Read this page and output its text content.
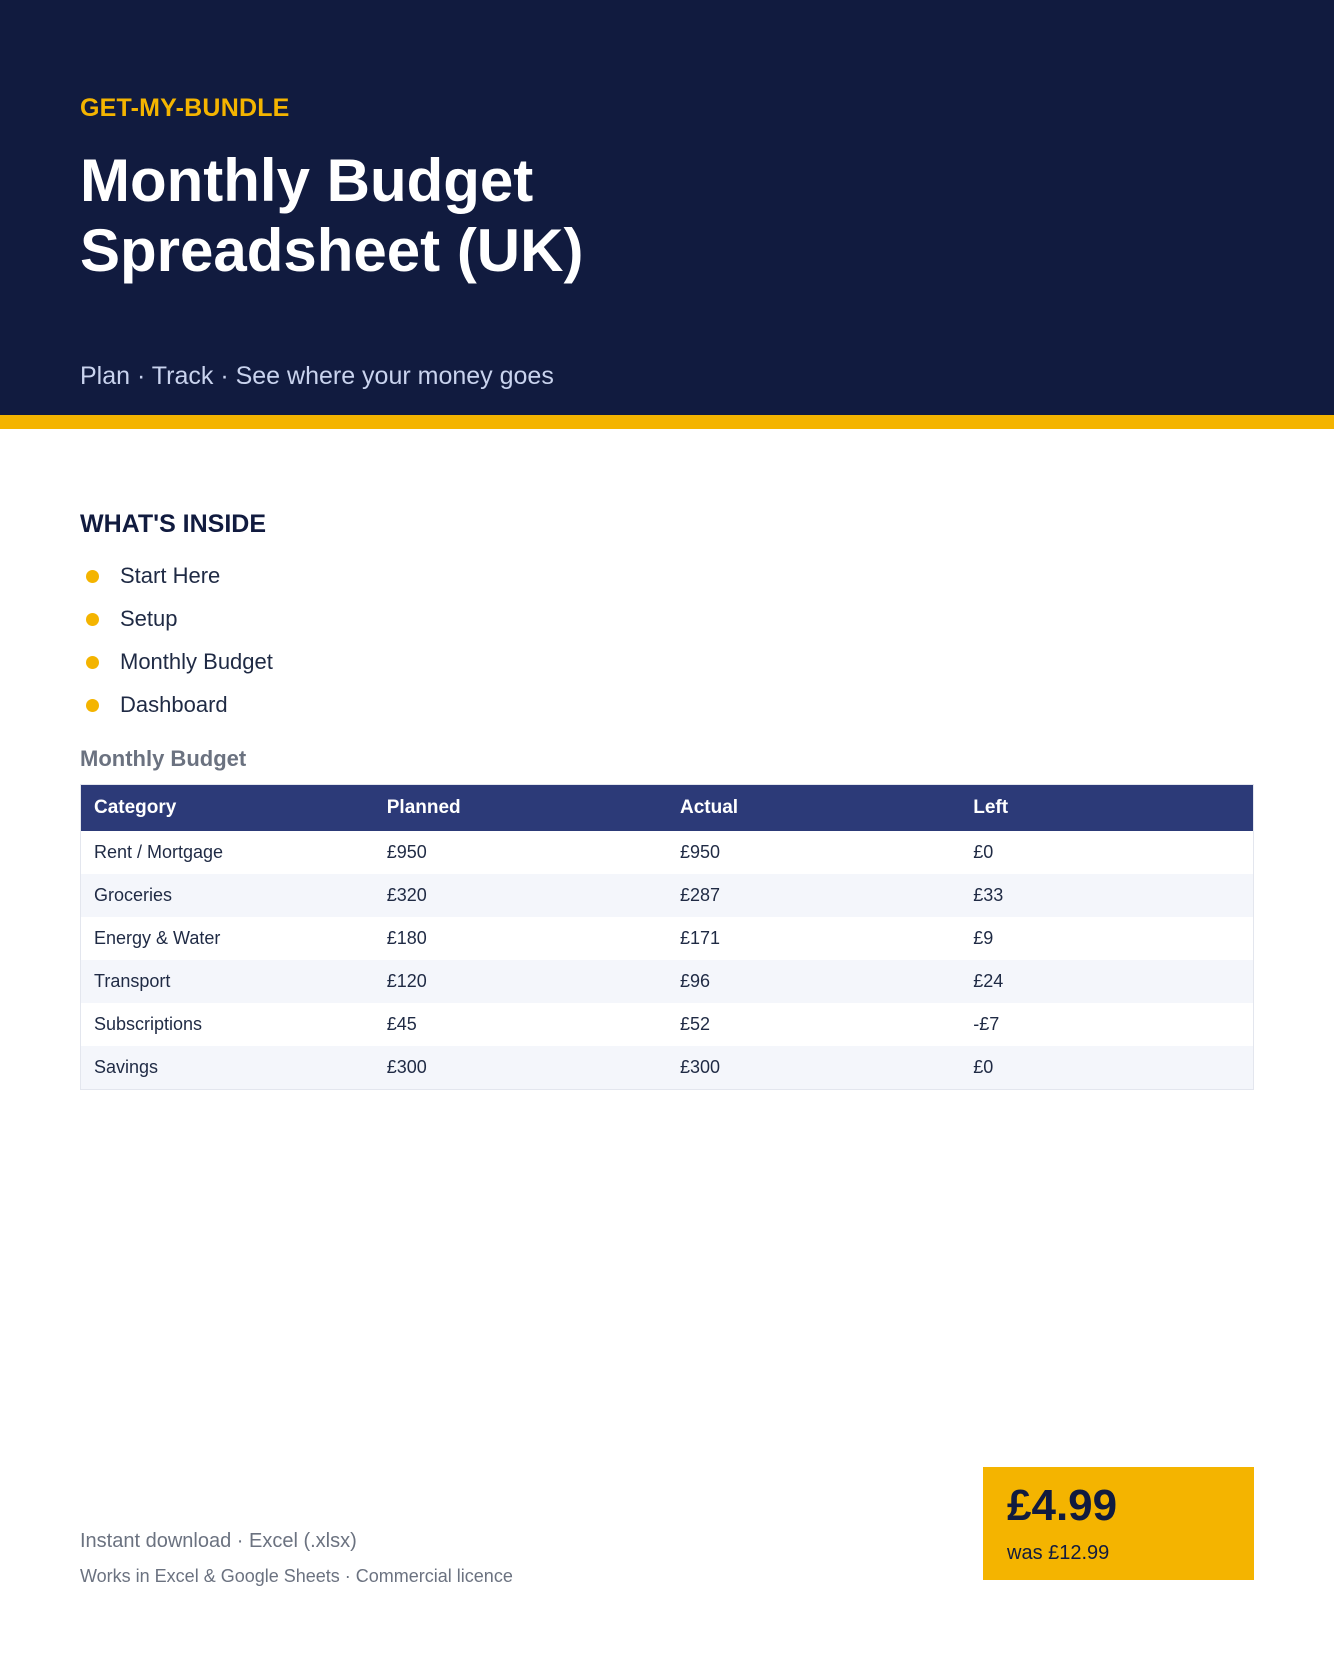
GET-MY-BUNDLE
Monthly Budget
Spreadsheet (UK)
Plan · Track · See where your money goes
WHAT'S INSIDE
Start Here
Setup
Monthly Budget
Dashboard
Monthly Budget
Category	Planned	Actual	Left
Rent / Mortgage	£950	£950	£0
Groceries	£320	£287	£33
Energy & Water	£180	£171	£9
Transport	£120	£96	£24
Subscriptions	£45	£52	-£7
Savings	£300	£300	£0
Instant download · Excel (.xlsx)
Works in Excel & Google Sheets · Commercial licence
£4.99
was £12.99
